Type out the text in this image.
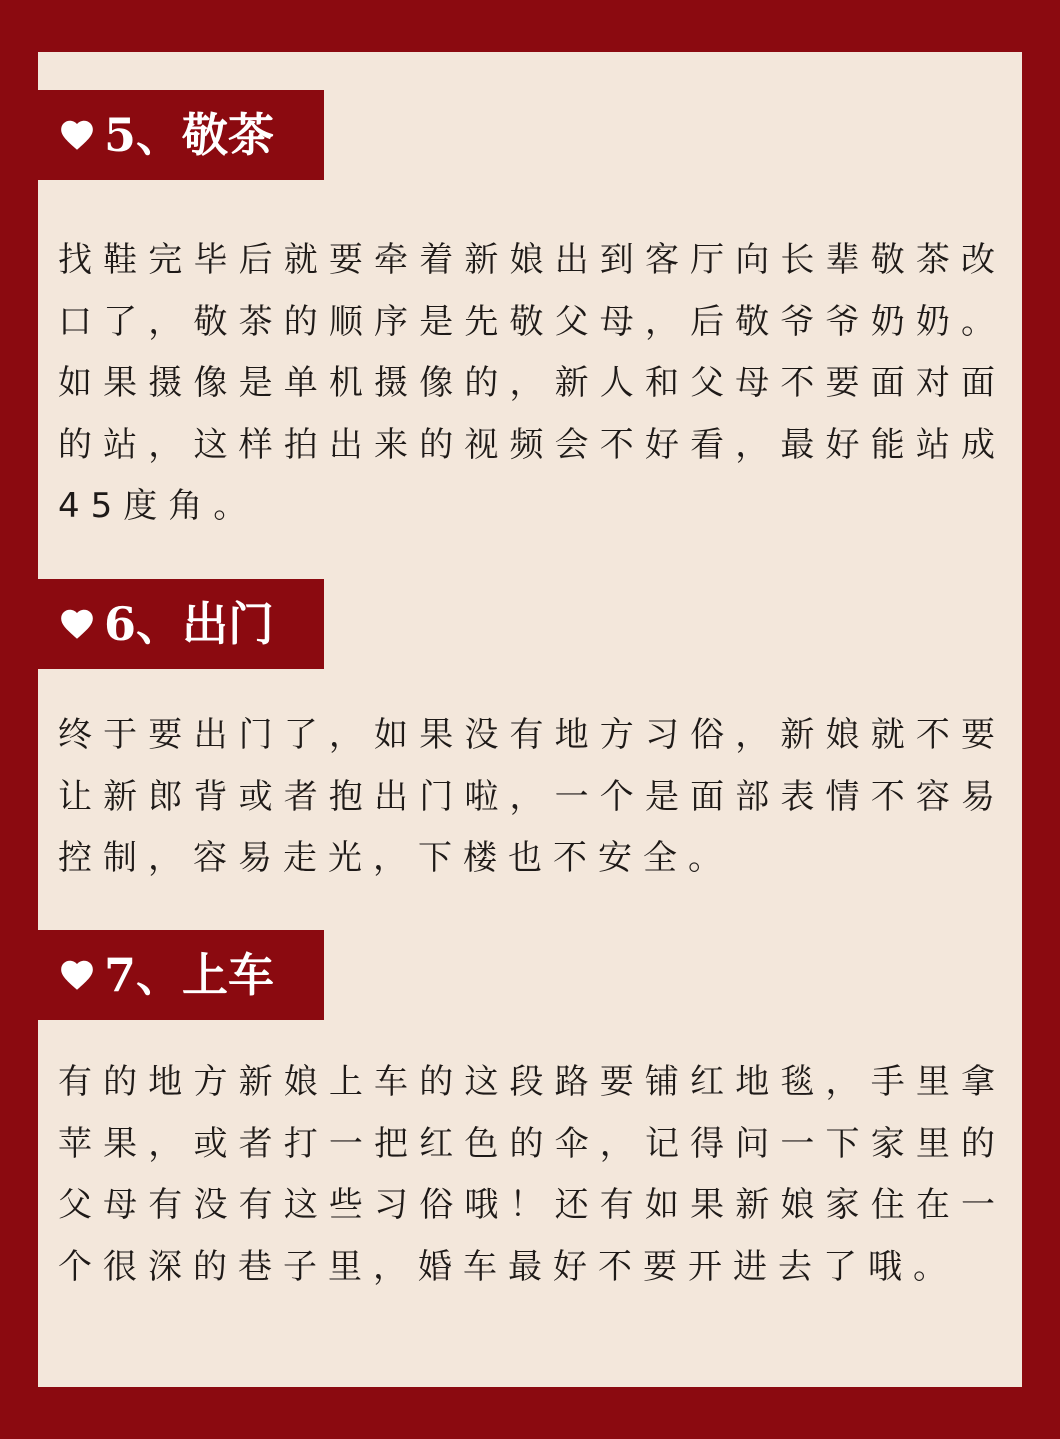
5、敬茶

找鞋完毕后就要牵着新娘出到客厅向长辈敬茶改口了，敬茶的顺序是先敬父母，后敬爷爷奶奶。如果摄像是单机摄像的，新人和父母不要面对面的站，这样拍出来的视频会不好看，最好能站成45度角。

6、出门

终于要出门了，如果没有地方习俗，新娘就不要让新郎背或者抱出门啦，一个是面部表情不容易控制，容易走光，下楼也不安全。

7、上车

有的地方新娘上车的这段路要铺红地毯，手里拿苹果，或者打一把红色的伞，记得问一下家里的父母有没有这些习俗哦！还有如果新娘家住在一个很深的巷子里，婚车最好不要开进去了哦。
